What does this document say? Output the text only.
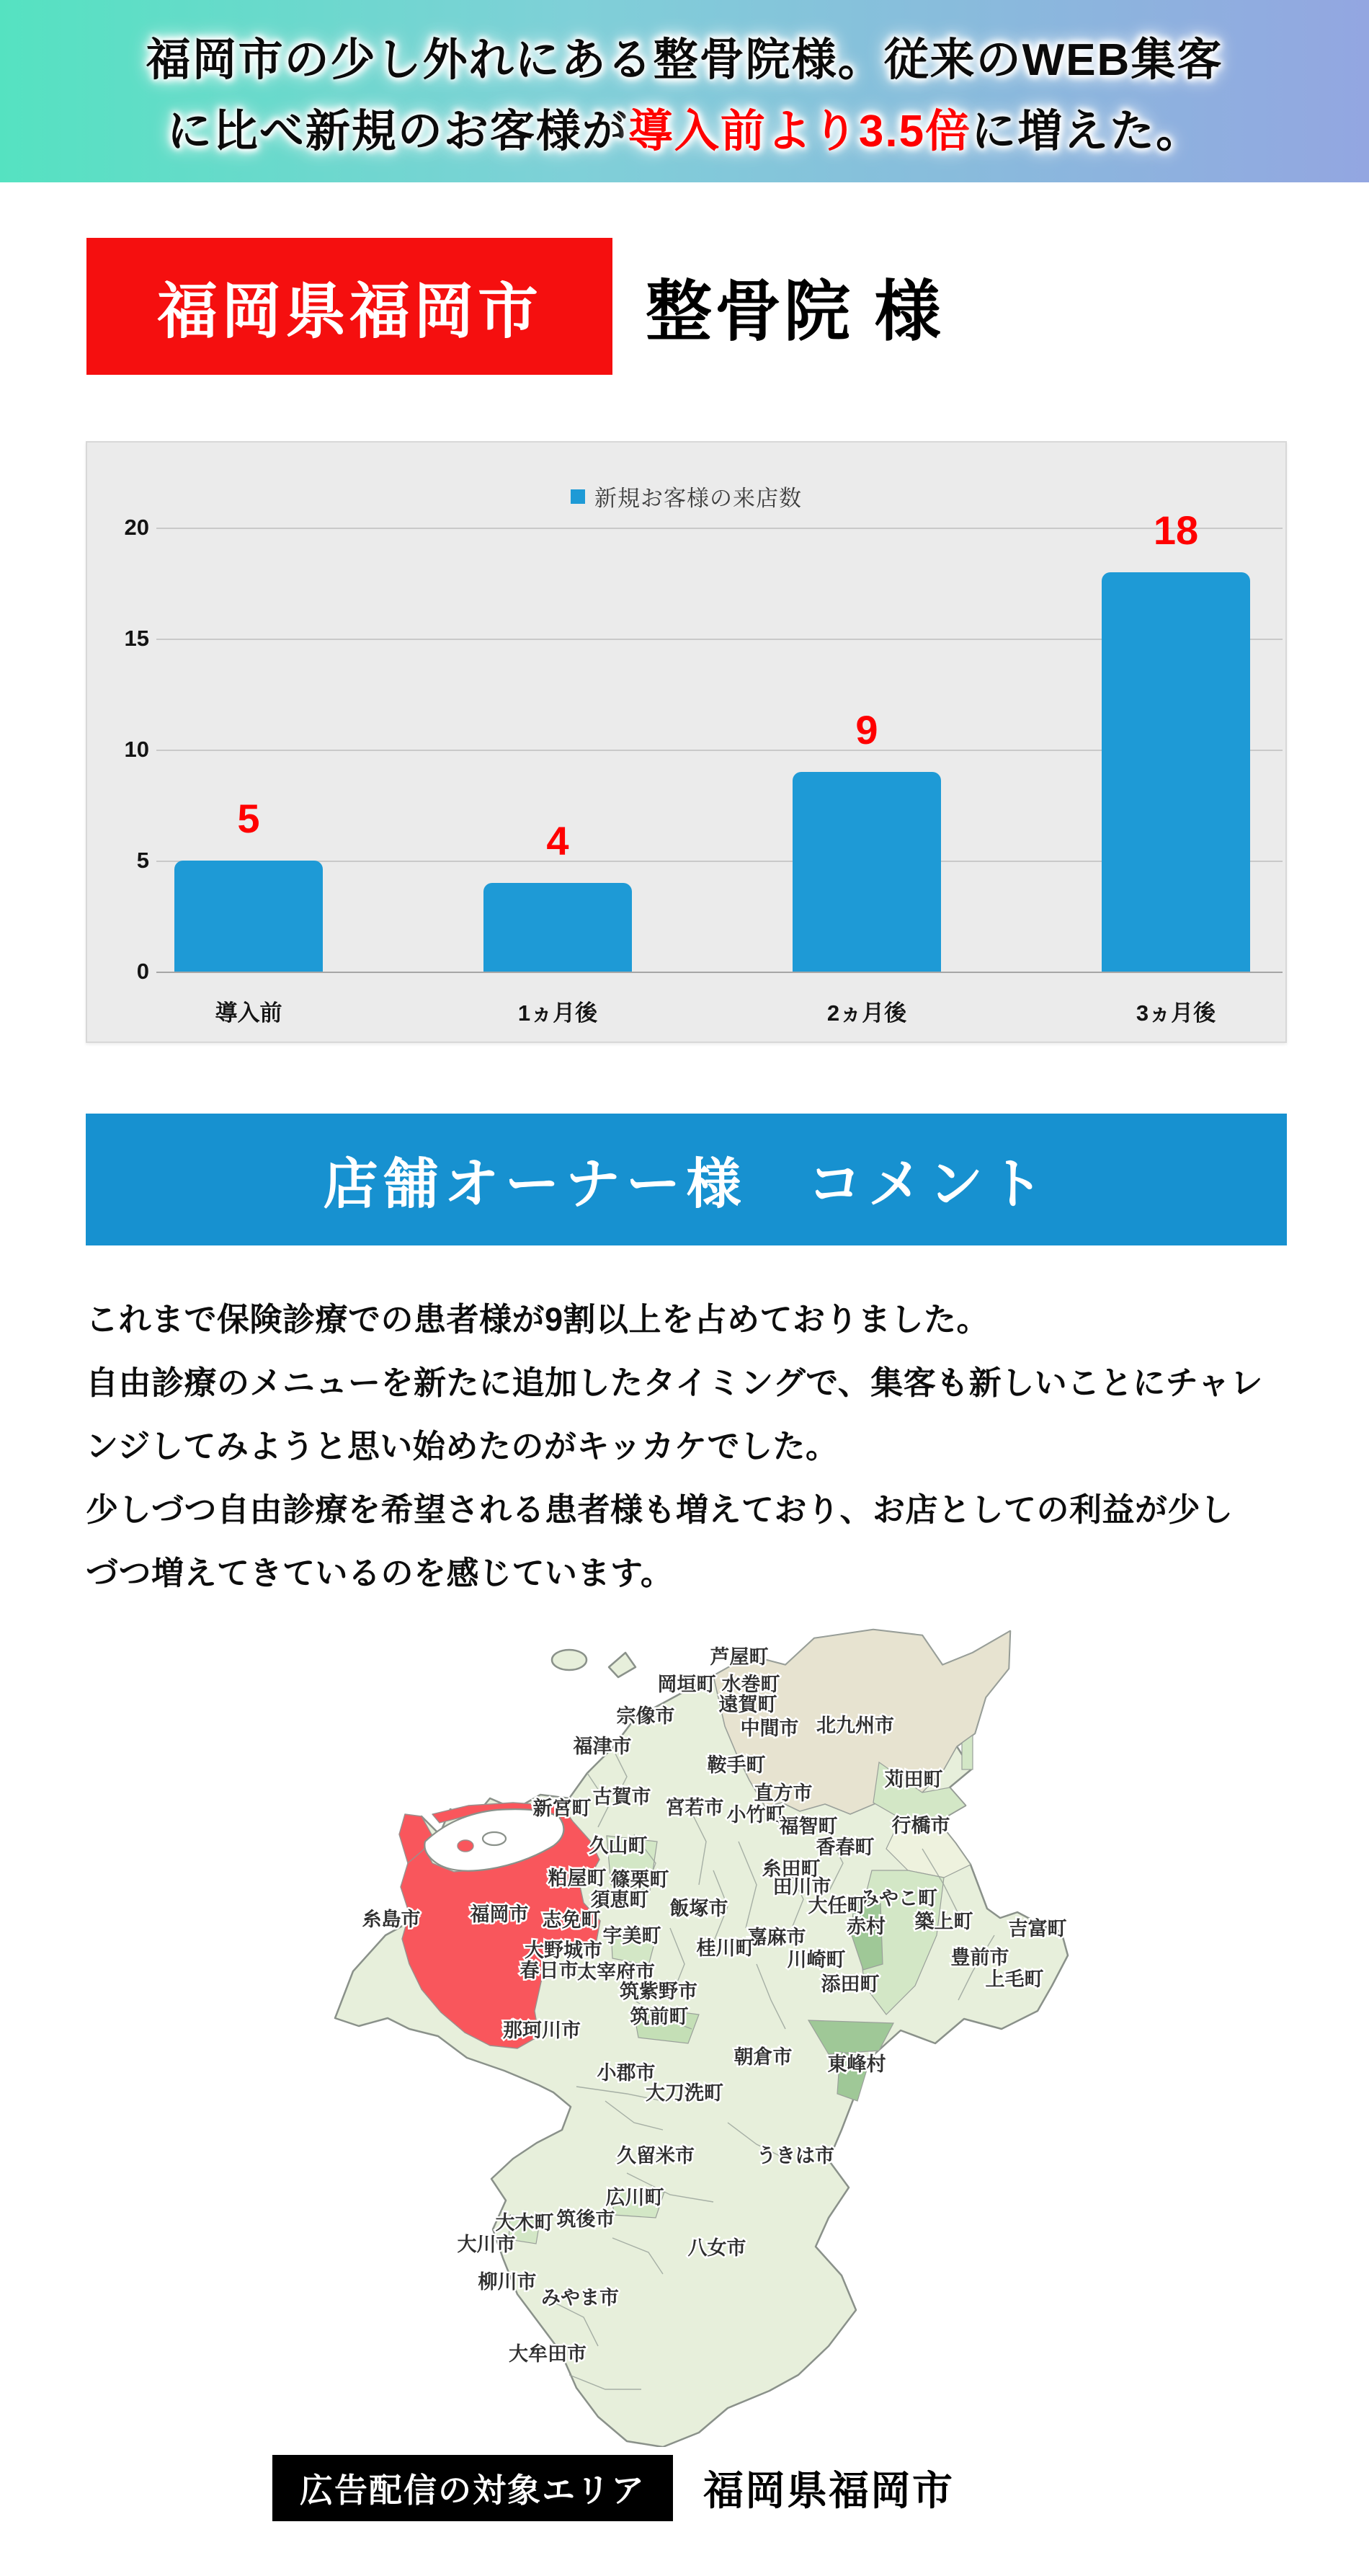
福岡市の少し外れにある整骨院様。従来のWEB集客
に比べ新規のお客様が導入前より3.5倍に増えた。
福岡県福岡市	整骨院 様
新規お客様の来店数
5
導入前
4
1ヵ月後
9
2ヵ月後
18
3ヵ月後
20
15
10
5
0
店舗オーナー様　コメント

これまで保険診療での患者様が9割以上を占めておりました。

自由診療のメニューを新たに追加したタイミングで、集客も新しいことにチャレ

ンジしてみようと思い始めたのがキッカケでした。

少しづつ自由診療を希望される患者様も増えており、お店としての利益が少し

づつ増えてきているのを感じています。

芦屋町
岡垣町 水巻町
遠賀町
宗像市
中間市 北九州市
福津市
鞍手町
苅田町
古賀市	直方市
新宮町	宮若市 小竹町
福智町	行橋市
香春町
久山町
糸田町
粕屋町 篠栗町	田川市
須恵町	みやこ町
大任町
赤村 築上町
志免町	吉富町
宇美町
飯塚市
嘉麻市
桂川町
川崎町	豊前市
大野城市
糸島市	福岡市
春日市
太宰府市
添田町	上毛町
筑紫野市
筑前町
那珂川市
朝倉市 東峰村
小郡市
大刀洗町
久留米市	うきは市
広川町
大木町 筑後市
大川市	八女市
柳川市
みやま市
大牟田市
広告配信の対象エリア	福岡県福岡市
